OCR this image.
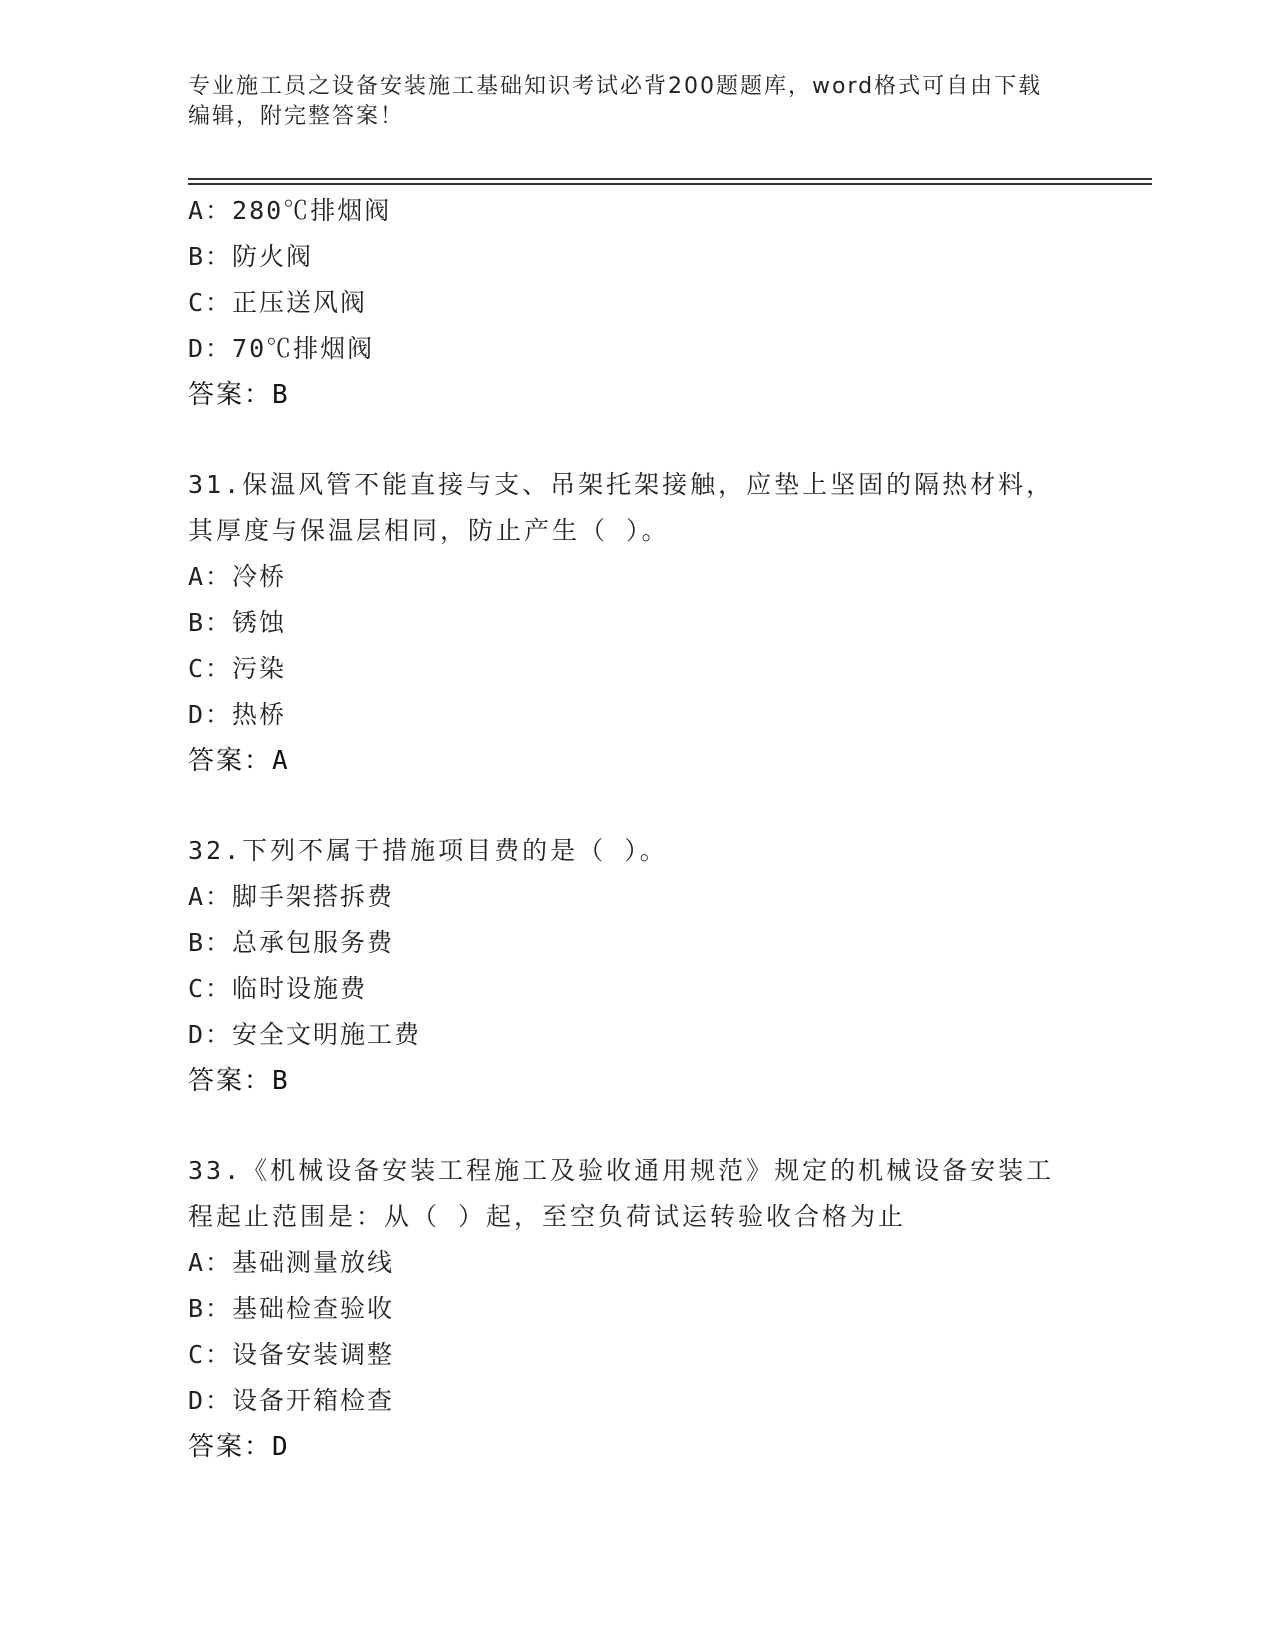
专业施工员之设备安装施工基础知识考试必背200题题库，word格式可自由下载
编辑，附完整答案！
A：280℃排烟阀
B：防火阀
C：正压送风阀
D：70℃排烟阀
答案：B
31.保温风管不能直接与支、吊架托架接触，应垫上坚固的隔热材料，
其厚度与保温层相同，防止产生（ ）。
A：冷桥
B：锈蚀
C：污染
D：热桥
答案：A
32.下列不属于措施项目费的是（ ）。
A：脚手架搭拆费
B：总承包服务费
C：临时设施费
D：安全文明施工费
答案：B
33.《机械设备安装工程施工及验收通用规范》规定的机械设备安装工
程起止范围是：从（ ）起，至空负荷试运转验收合格为止
A：基础测量放线
B：基础检查验收
C：设备安装调整
D：设备开箱检查
答案：D
